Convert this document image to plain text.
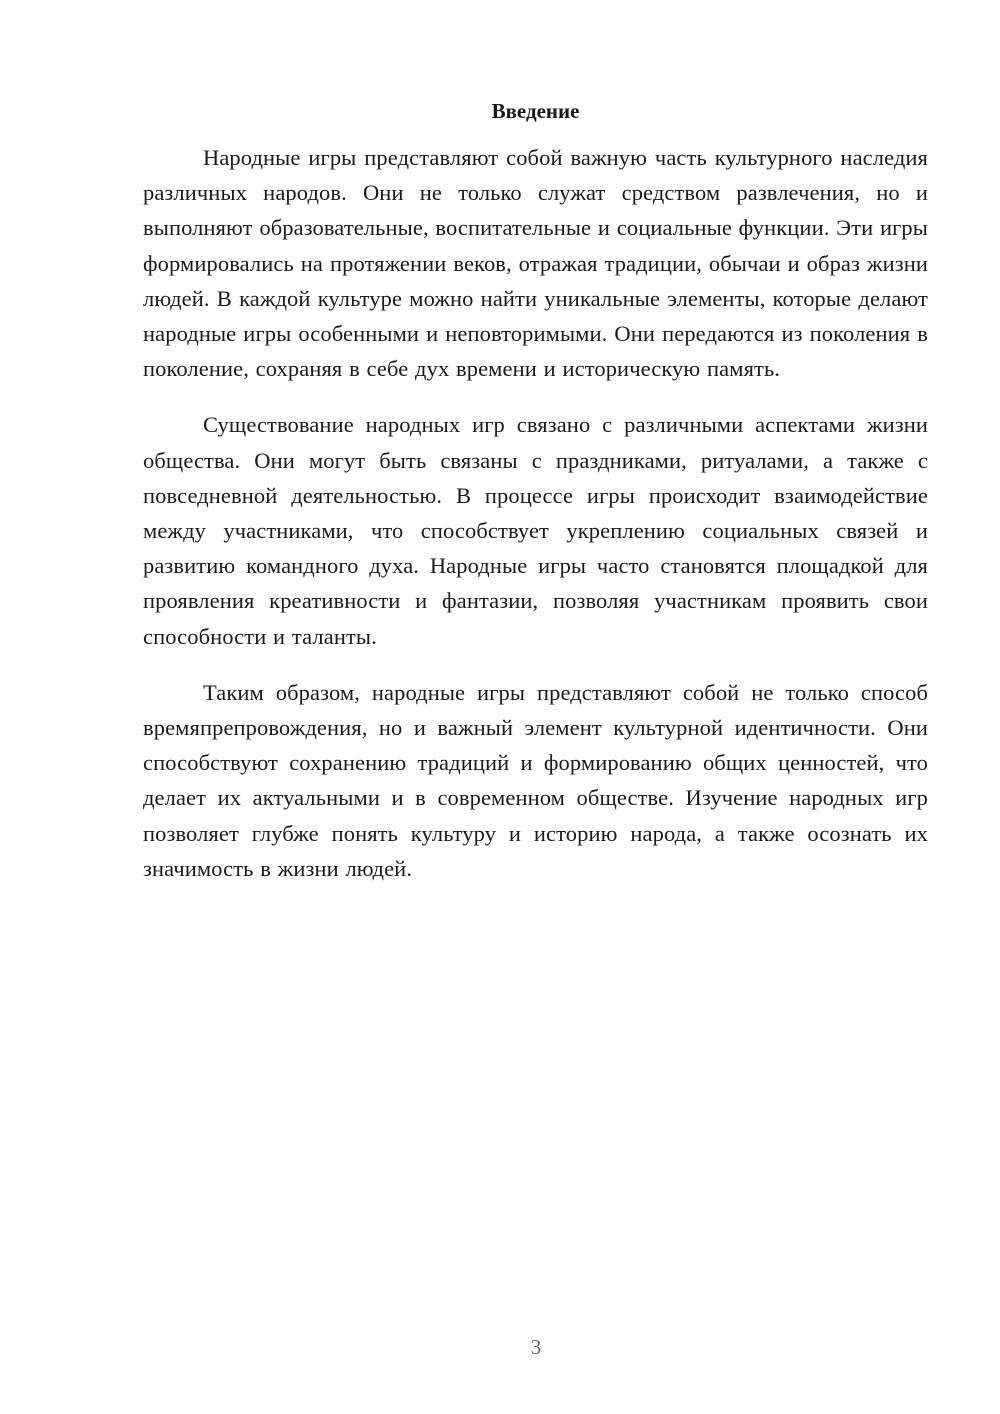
Введение

Народные игры представляют собой важную часть культурного наследия различных народов. Они не только служат средством развлечения, но и выполняют образовательные, воспитательные и социальные функции. Эти игры формировались на протяжении веков, отражая традиции, обычаи и образ жизни людей. В каждой культуре можно найти уникальные элементы, которые делают народные игры особенными и неповторимыми. Они передаются из поколения в поколение, сохраняя в себе дух времени и историческую память.

Существование народных игр связано с различными аспектами жизни общества. Они могут быть связаны с праздниками, ритуалами, а также с повседневной деятельностью. В процессе игры происходит взаимодействие между участниками, что способствует укреплению социальных связей и развитию командного духа. Народные игры часто становятся площадкой для проявления креативности и фантазии, позволяя участникам проявить свои способности и таланты.

Таким образом, народные игры представляют собой не только способ времяпрепровождения, но и важный элемент культурной идентичности. Они способствуют сохранению традиций и формированию общих ценностей, что делает их актуальными и в современном обществе. Изучение народных игр позволяет глубже понять культуру и историю народа, а также осознать их значимость в жизни людей.

3
